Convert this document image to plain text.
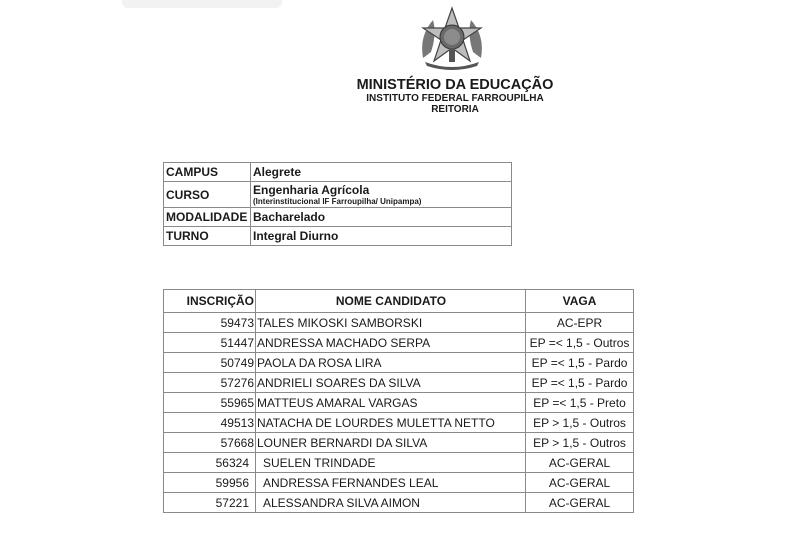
MINISTÉRIO DA EDUCAÇÃO
INSTITUTO FEDERAL FARROUPILHA
REITORIA
CAMPUS	Alegrete
CURSO	Engenharia Agrícola
(Interinstitucional IF Farroupilha/ Unipampa)

MODALIDADE	Bacharelado
TURNO	Integral Diurno
INSCRIÇÃO	NOME CANDIDATO	VAGA
59473	TALES MIKOSKI SAMBORSKI	AC-EPR
51447	ANDRESSA MACHADO SERPA	EP =< 1,5 - Outros
50749	PAOLA DA ROSA LIRA	EP =< 1,5 - Pardo
57276	ANDRIELI SOARES DA SILVA	EP =< 1,5 - Pardo
55965	MATTEUS AMARAL VARGAS	EP =< 1,5 - Preto
49513	NATACHA DE LOURDES MULETTA NETTO	EP > 1,5 - Outros
57668	LOUNER BERNARDI DA SILVA	EP > 1,5 - Outros
56324	SUELEN TRINDADE	AC-GERAL
59956	ANDRESSA FERNANDES LEAL	AC-GERAL
57221	ALESSANDRA SILVA AIMON	AC-GERAL
